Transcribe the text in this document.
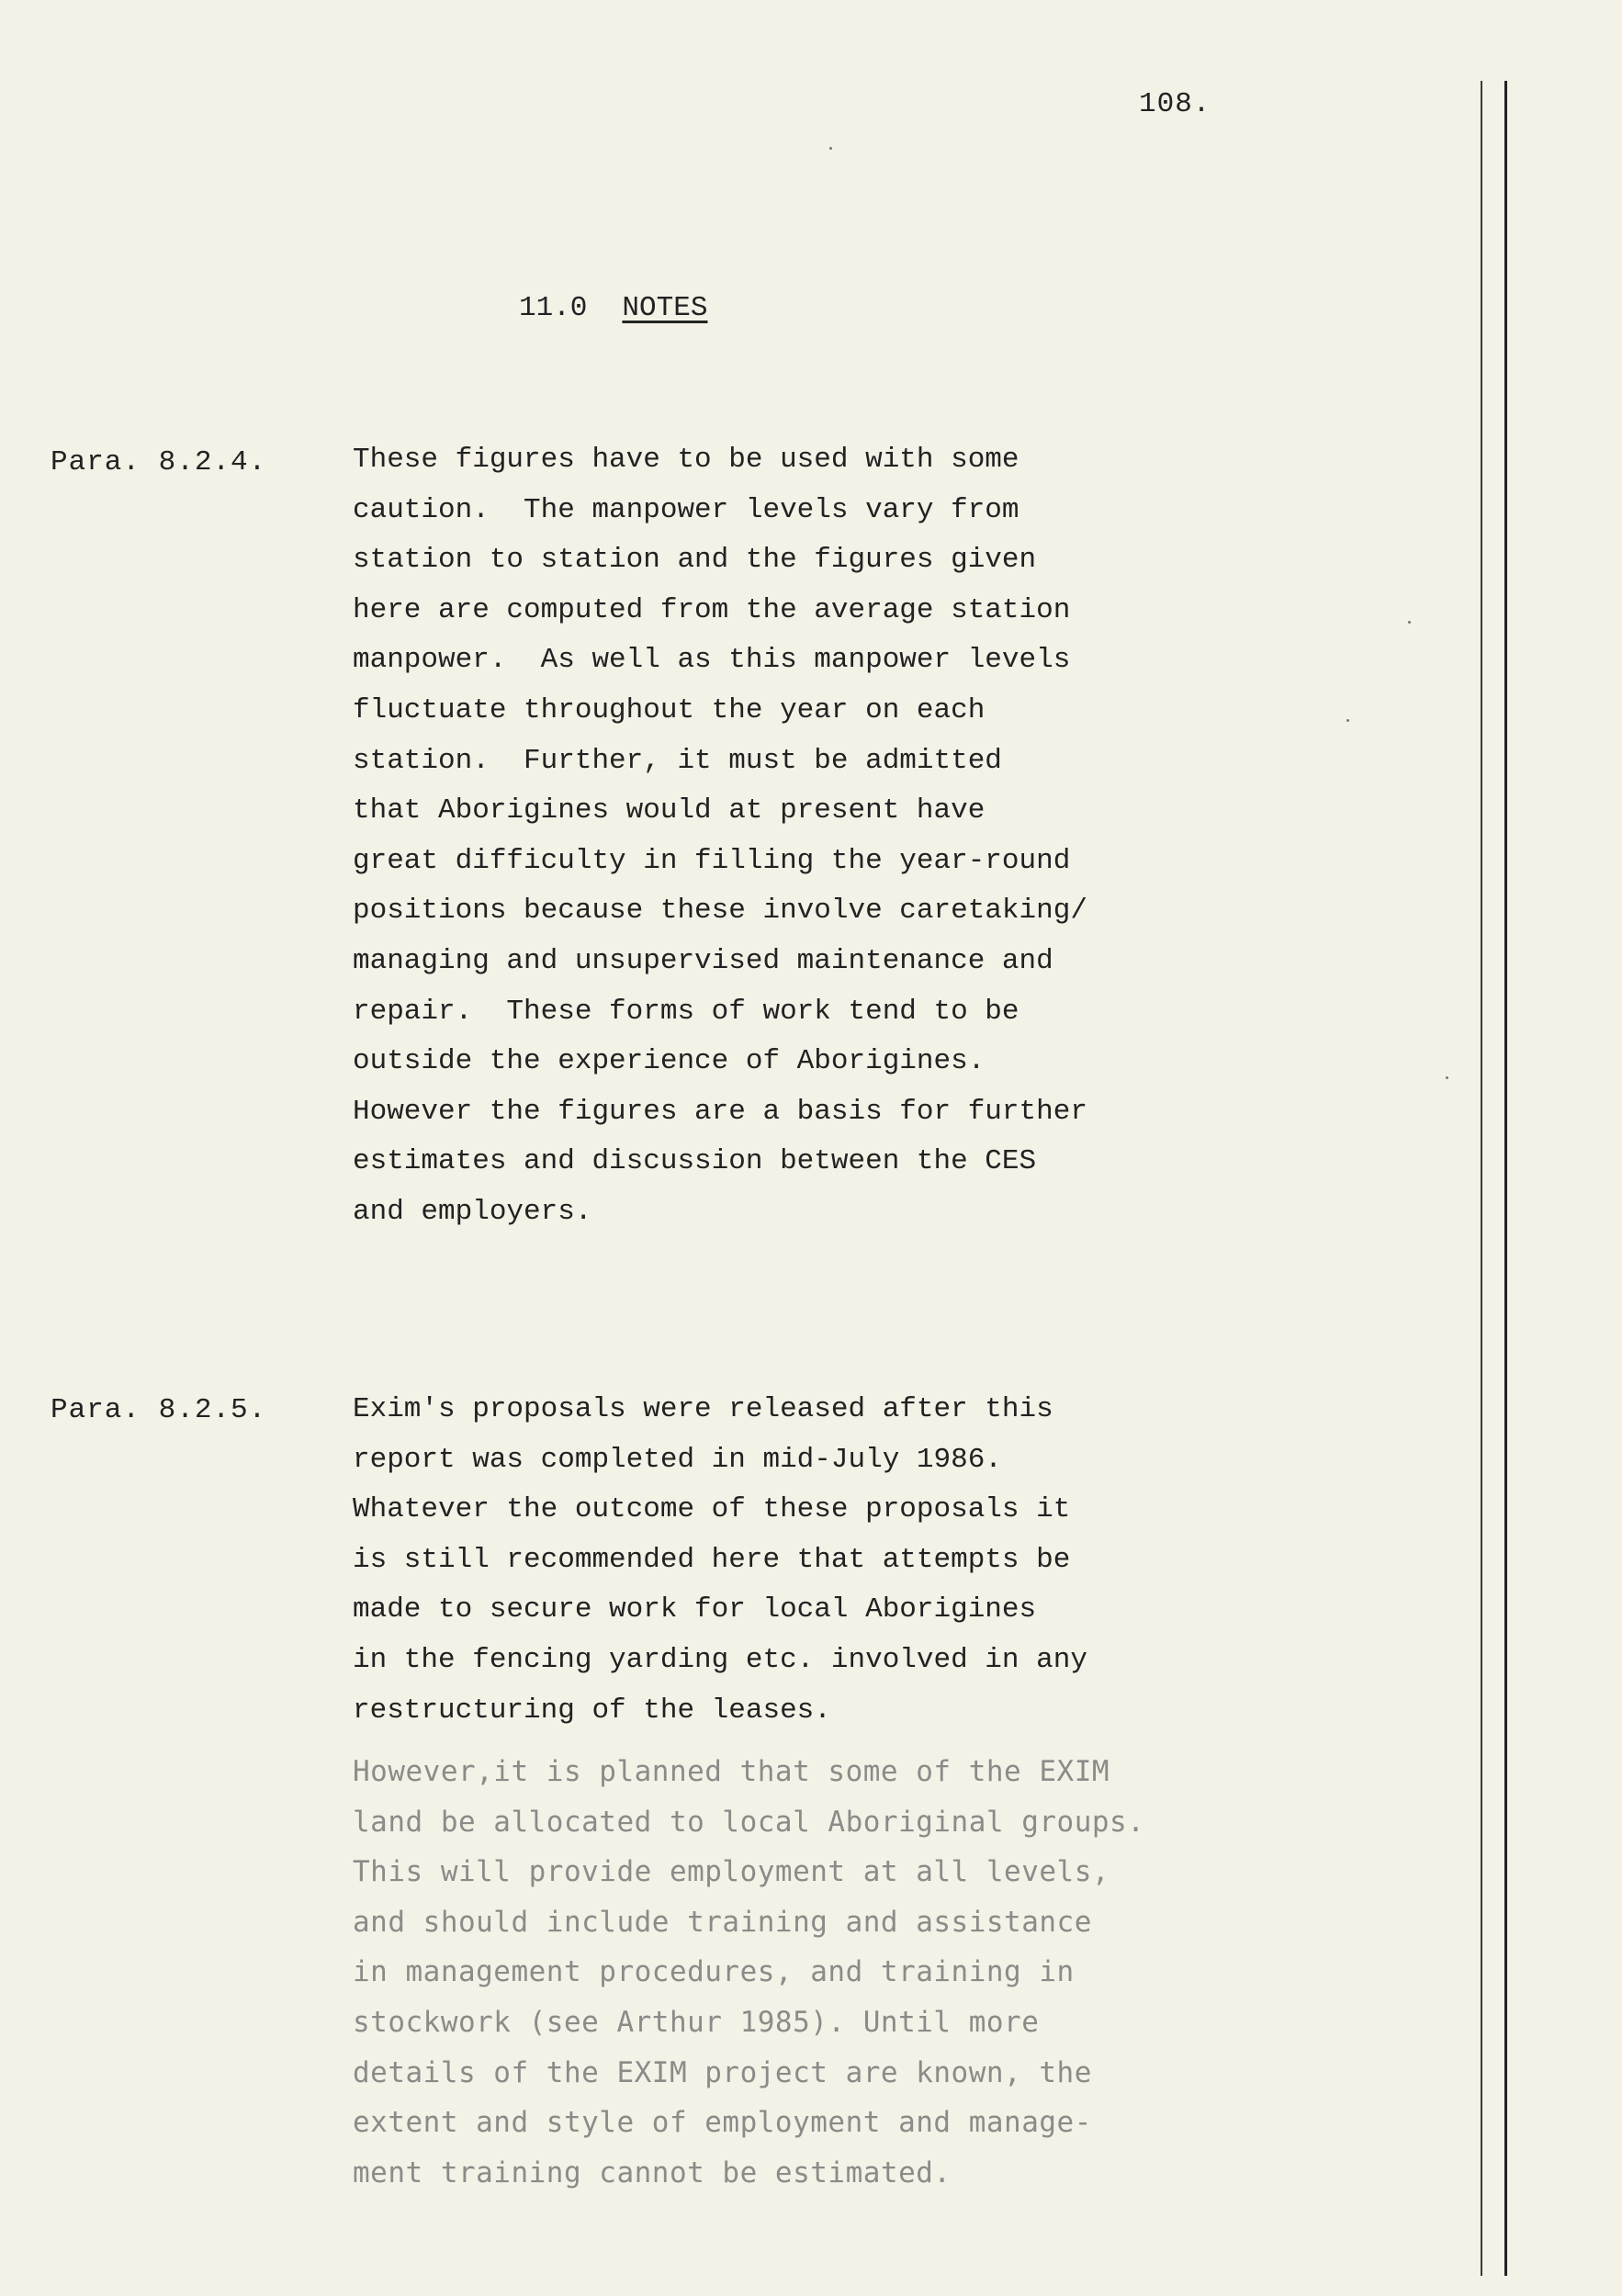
108.
11.0 NOTES
Para. 8.2.4.	These figures have to be used with some
caution.  The manpower levels vary from
station to station and the figures given
here are computed from the average station
manpower.  As well as this manpower levels
fluctuate throughout the year on each
station.  Further, it must be admitted
that Aborigines would at present have
great difficulty in filling the year-round
positions because these involve caretaking/
managing and unsupervised maintenance and
repair.  These forms of work tend to be
outside the experience of Aborigines.
However the figures are a basis for further
estimates and discussion between the CES
and employers.
Para. 8.2.5.	Exim's proposals were released after this
report was completed in mid-July 1986.
Whatever the outcome of these proposals it
is still recommended here that attempts be
made to secure work for local Aborigines
in the fencing yarding etc. involved in any
restructuring of the leases.
However,it is planned that some of the EXIM
land be allocated to local Aboriginal groups.
This will provide employment at all levels,
and should include training and assistance
in management procedures, and training in
stockwork (see Arthur 1985). Until more
details of the EXIM project are known, the
extent and style of employment and manage-
ment training cannot be estimated.
